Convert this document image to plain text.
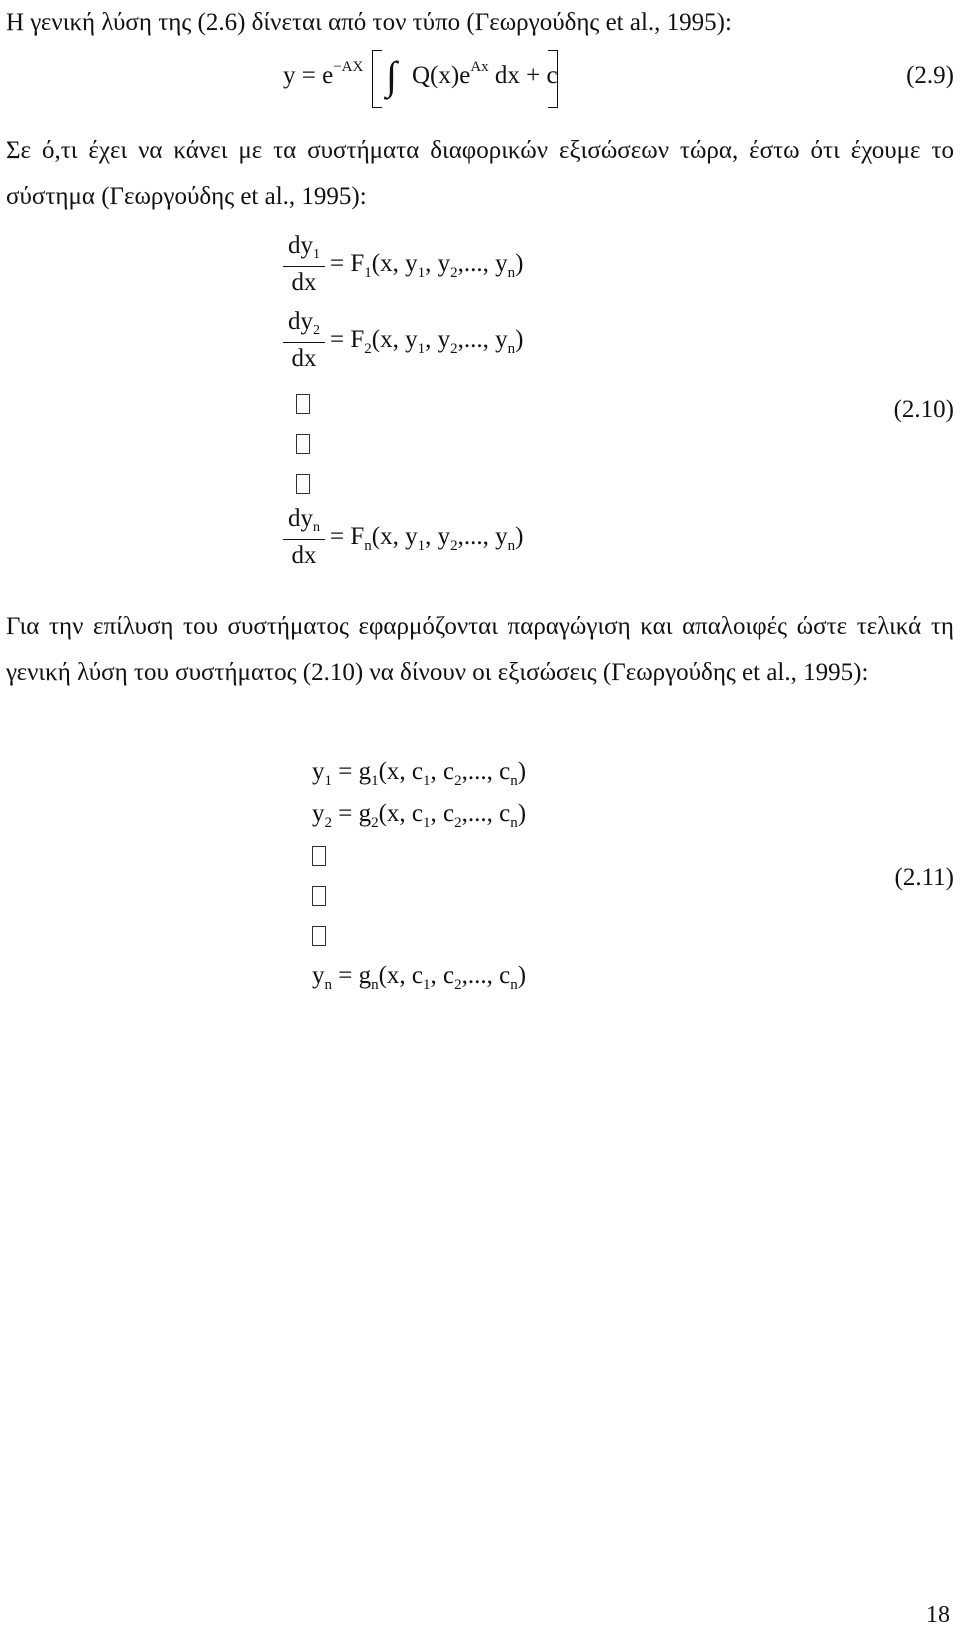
Η γενική λύση της (2.6) δίνεται από τον τύπο (Γεωργούδης et al., 1995):

$y = e^{-AX}$ ∫ $Q(x)e^{Ax}$ dx + c	(2.9)

Σε ό,τι έχει να κάνει με τα συστήματα διαφορικών εξισώσεων τώρα, έστω ότι έχουμε το σύστημα (Γεωργούδης et al., 1995):

$dy_1$
dx
= $F_1(x$, $y_1$, $y_2$,..., $y_n$)
$dy_2$
dx
= $F_2(x$, $y_1$, $y_2$,..., $y_n$)
(2.10)
$dy_n$
dx
= $F_n(x$, $y_1$, $y_2$,..., $y_n$)

Για την επίλυση του συστήματος εφαρμόζονται παραγώγιση και απαλοιφές ώστε τελικά τη γενική λύση του συστήματος (2.10) να δίνουν οι εξισώσεις (Γεωργούδης et al., 1995):

$y_1 = g_1(x$, $c_1$, $c_2$,..., $c_n$)
$y_2 = g_2(x$, $c_1$, $c_2$,..., $c_n$)
(2.11)
$y_n = g_n(x$, $c_1$, $c_2$,..., $c_n$)
18
